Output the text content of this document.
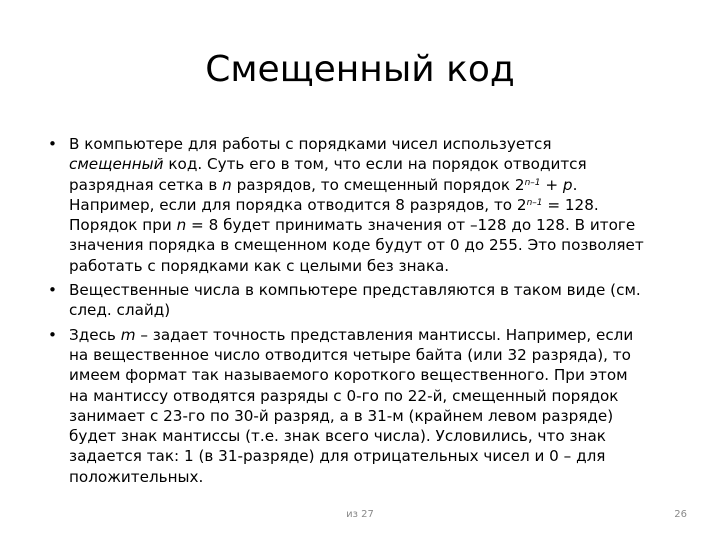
Смещенный код
• В компьютере для работы с порядками чисел используется
смещенный код. Суть его в том, что если на порядок отводится
разрядная сетка в n разрядов, то смещенный порядок $2^{n-1} + p$.
Например, если для порядка отводится 8 разрядов, то $2^{n-1} = 128$.
Порядок при n = 8 будет принимать значения от –128 до 128. В итоге
значения порядка в смещенном коде будут от 0 до 255. Это позволяет
работать с порядками как с целыми без знака.
• Вещественные числа в компьютере представляются в таком виде (см.
след. слайд)
• Здесь m – задает точность представления мантиссы. Например, если
на вещественное число отводится четыре байта (или 32 разряда), то
имеем формат так называемого короткого вещественного. При этом
на мантиссу отводятся разряды с 0-го по 22-й, смещенный порядок
занимает с 23-го по 30-й разряд, а в 31-м (крайнем левом разряде)
будет знак мантиссы (т.е. знак всего числа). Условились, что знак
задается так: 1 (в 31-разряде) для отрицательных чисел и 0 – для
положительных.
из 27	26
